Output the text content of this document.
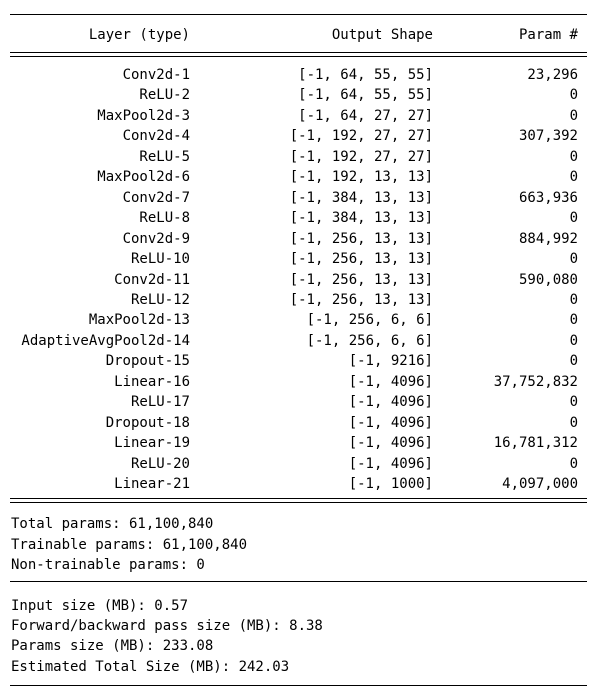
Layer (type)	Output Shape	Param #
Conv2d-1	[-1, 64, 55, 55]	23,296
ReLU-2	[-1, 64, 55, 55]	0
MaxPool2d-3	[-1, 64, 27, 27]	0
Conv2d-4	[-1, 192, 27, 27]	307,392
ReLU-5	[-1, 192, 27, 27]	0
MaxPool2d-6	[-1, 192, 13, 13]	0
Conv2d-7	[-1, 384, 13, 13]	663,936
ReLU-8	[-1, 384, 13, 13]	0
Conv2d-9	[-1, 256, 13, 13]	884,992
ReLU-10	[-1, 256, 13, 13]	0
Conv2d-11	[-1, 256, 13, 13]	590,080
ReLU-12	[-1, 256, 13, 13]	0
MaxPool2d-13	[-1, 256, 6, 6]	0
AdaptiveAvgPool2d-14	[-1, 256, 6, 6]	0
Dropout-15	[-1, 9216]	0
Linear-16	[-1, 4096]	37,752,832
ReLU-17	[-1, 4096]	0
Dropout-18	[-1, 4096]	0
Linear-19	[-1, 4096]	16,781,312
ReLU-20	[-1, 4096]	0
Linear-21	[-1, 1000]	4,097,000
Total params: 61,100,840
Trainable params: 61,100,840
Non-trainable params: 0
Input size (MB): 0.57
Forward/backward pass size (MB): 8.38
Params size (MB): 233.08
Estimated Total Size (MB): 242.03
